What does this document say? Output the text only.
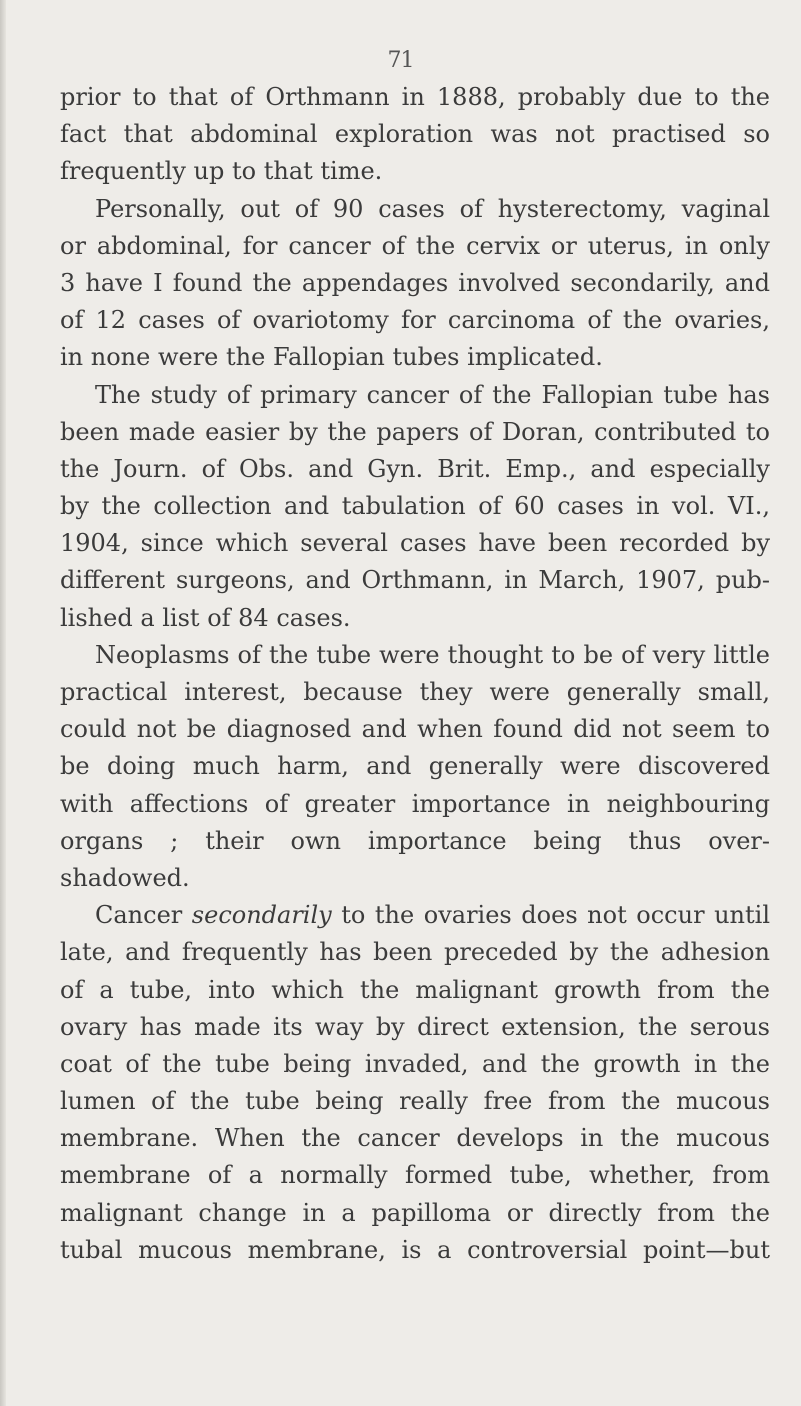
71
prior to that of Orthmann in 1888, probably due to the
fact that abdominal exploration was not practised so
frequently up to that time.
Personally, out of 90 cases of hysterectomy, vaginal
or abdominal, for cancer of the cervix or uterus, in only
3 have I found the appendages involved secondarily, and
of 12 cases of ovariotomy for carcinoma of the ovaries,
in none were the Fallopian tubes implicated.
The study of primary cancer of the Fallopian tube has
been made easier by the papers of Doran, contributed to
the Journ. of Obs. and Gyn. Brit. Emp., and especially
by the collection and tabulation of 60 cases in vol. VI.,
1904, since which several cases have been recorded by
different surgeons, and Orthmann, in March, 1907, pub-
lished a list of 84 cases.
Neoplasms of the tube were thought to be of very little
practical interest, because they were generally small,
could not be diagnosed and when found did not seem to
be doing much harm, and generally were discovered
with affections of greater importance in neighbouring
organs ; their own importance being thus over-
shadowed.
Cancer secondarily to the ovaries does not occur until
late, and frequently has been preceded by the adhesion
of a tube, into which the malignant growth from the
ovary has made its way by direct extension, the serous
coat of the tube being invaded, and the growth in the
lumen of the tube being really free from the mucous
membrane. When the cancer develops in the mucous
membrane of a normally formed tube, whether, from
malignant change in a papilloma or directly from the
tubal mucous membrane, is a controversial point—but
